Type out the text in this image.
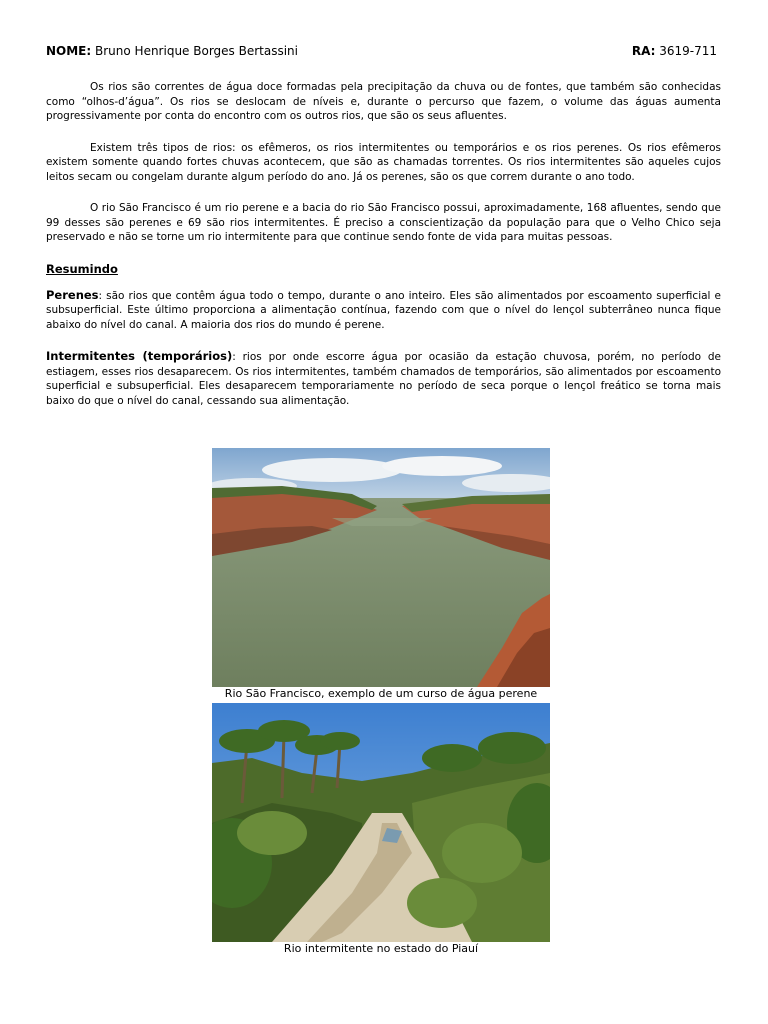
NOME: Bruno Henrique Borges Bertassini	RA: 3619-711

Os rios são correntes de água doce formadas pela precipitação da chuva ou de fontes, que também são conhecidas como “olhos-d’água”. Os rios se deslocam de níveis e, durante o percurso que fazem, o volume das águas aumenta progressivamente por conta do encontro com os outros rios, que são os seus afluentes.

Existem três tipos de rios: os efêmeros, os rios intermitentes ou temporários e os rios perenes. Os rios efêmeros existem somente quando fortes chuvas acontecem, que são as chamadas torrentes. Os rios intermitentes são aqueles cujos leitos secam ou congelam durante algum período do ano. Já os perenes, são os que correm durante o ano todo.

O rio São Francisco é um rio perene e a bacia do rio São Francisco possui, aproximadamente, 168 afluentes, sendo que 99 desses são perenes e 69 são rios intermitentes. É preciso a conscientização da população para que o Velho Chico seja preservado e não se torne um rio intermitente para que continue sendo fonte de vida para muitas pessoas.

Resumindo

Perenes: são rios que contêm água todo o tempo, durante o ano inteiro. Eles são alimentados por escoamento superficial e subsuperficial. Este último proporciona a alimentação contínua, fazendo com que o nível do lençol subterrâneo nunca fique abaixo do nível do canal. A maioria dos rios do mundo é perene.

Intermitentes (temporários): rios por onde escorre água por ocasião da estação chuvosa, porém, no período de estiagem, esses rios desaparecem. Os rios intermitentes, também chamados de temporários, são alimentados por escoamento superficial e subsuperficial. Eles desaparecem temporariamente no período de seca porque o lençol freático se torna mais baixo do que o nível do canal, cessando sua alimentação.

Rio São Francisco, exemplo de um curso de água perene
Rio intermitente no estado do Piauí
